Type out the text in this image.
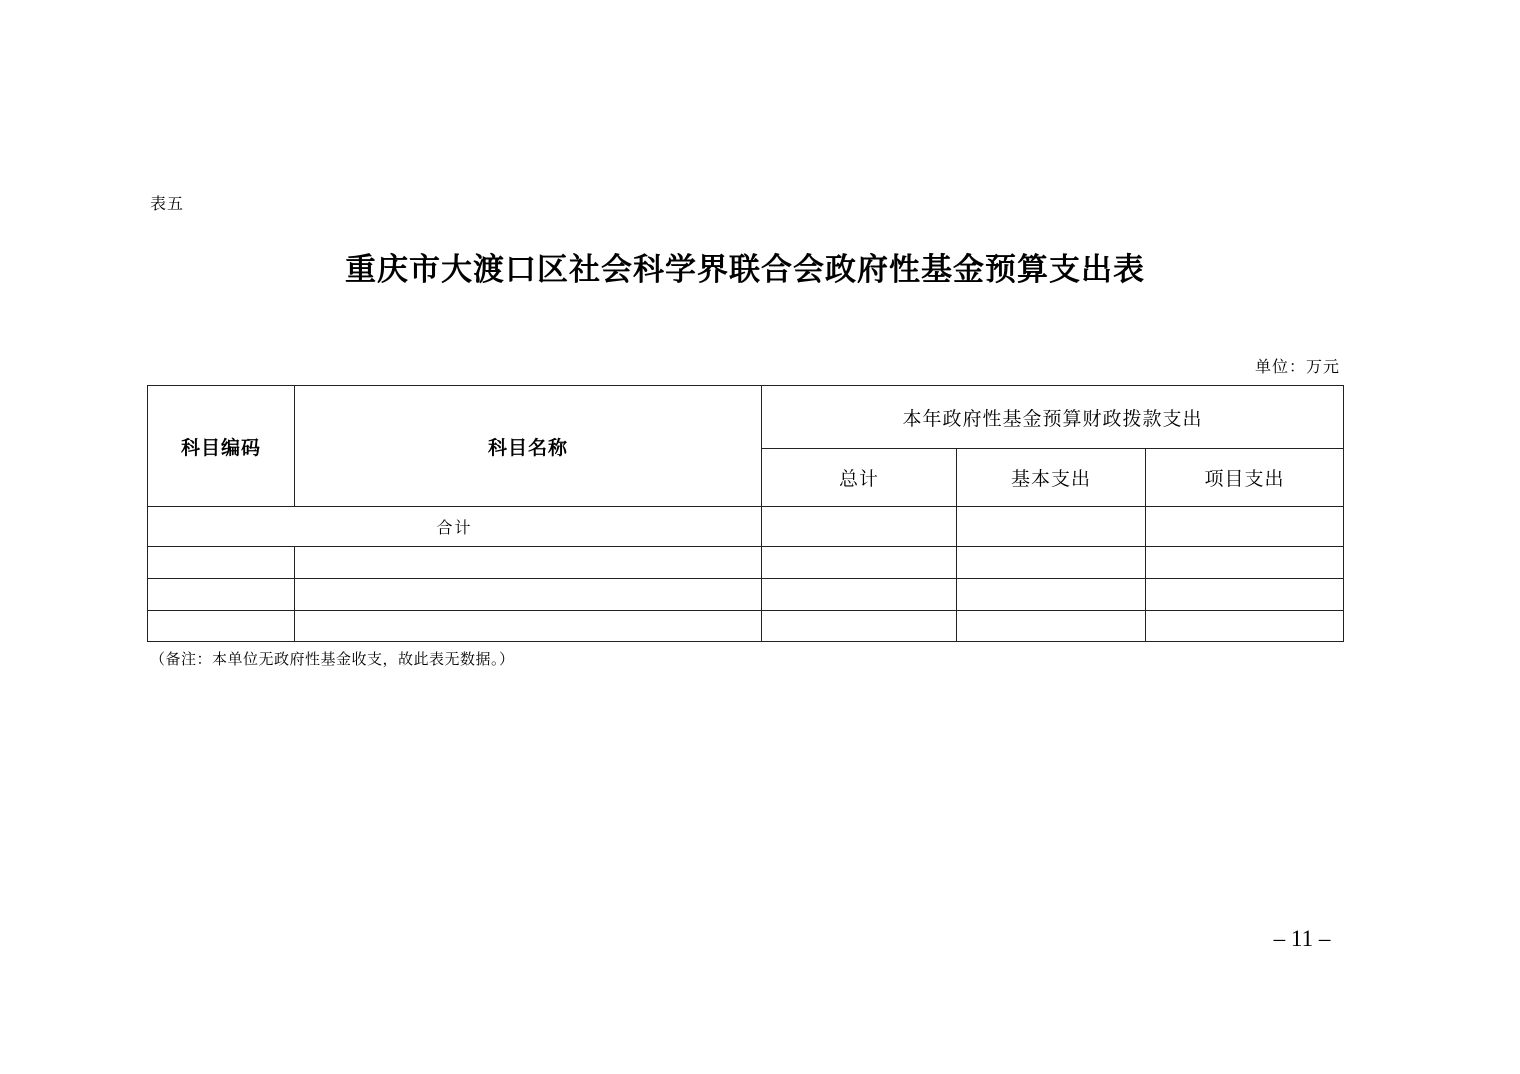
表五
重庆市大渡口区社会科学界联合会政府性基金预算支出表
单位：万元
科目编码	科目名称	本年政府性基金预算财政拨款支出		
		总计	基本支出	项目支出
合计				

（备注：本单位无政府性基金收支，故此表无数据。）
– 11 –
